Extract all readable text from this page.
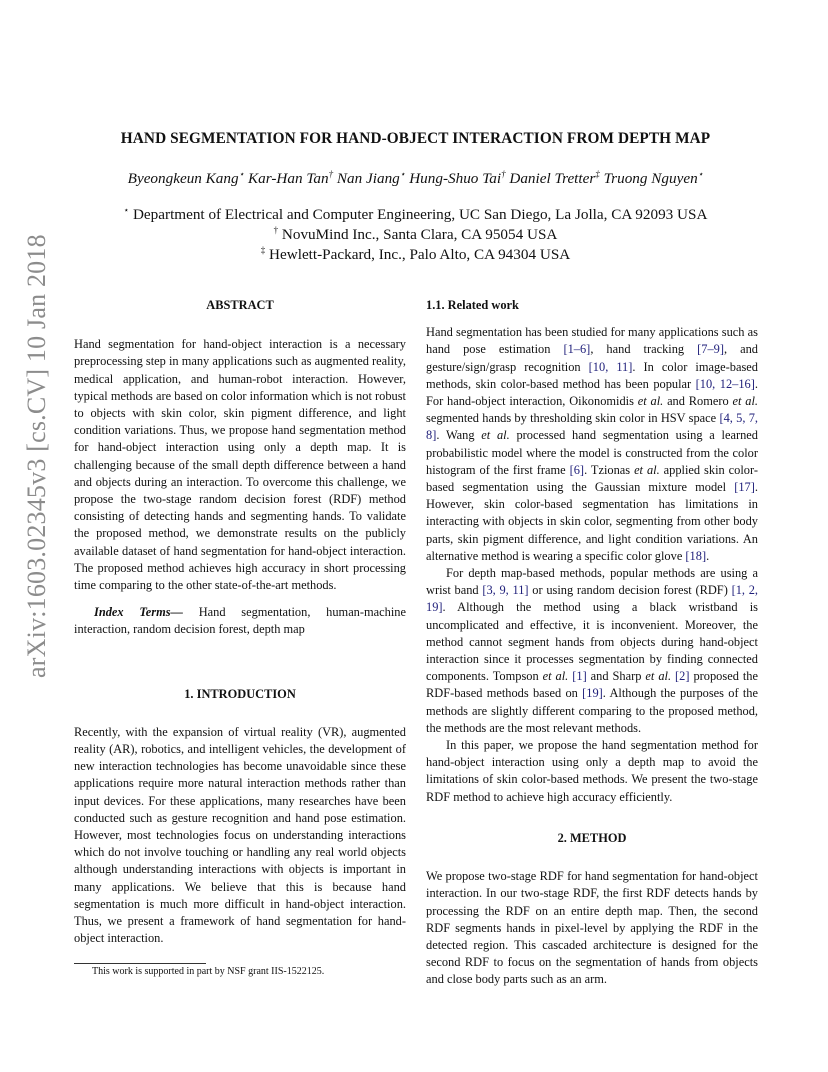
arXiv:1603.02345v3 [cs.CV] 10 Jan 2018
HAND SEGMENTATION FOR HAND-OBJECT INTERACTION FROM DEPTH MAP
Byeongkeun Kang⋆ Kar-Han Tan† Nan Jiang⋆ Hung-Shuo Tai† Daniel Tretter‡ Truong Nguyen⋆
⋆ Department of Electrical and Computer Engineering, UC San Diego, La Jolla, CA 92093 USA
† NovuMind Inc., Santa Clara, CA 95054 USA
‡ Hewlett-Packard, Inc., Palo Alto, CA 94304 USA
ABSTRACT

Hand segmentation for hand-object interaction is a necessary preprocessing step in many applications such as augmented reality, medical application, and human-robot interaction. However, typical methods are based on color information which is not robust to objects with skin color, skin pigment difference, and light condition variations. Thus, we propose hand segmentation method for hand-object interaction using only a depth map. It is challenging because of the small depth difference between a hand and objects during an interaction. To overcome this challenge, we propose the two-stage random decision forest (RDF) method consisting of detecting hands and segmenting hands. To validate the proposed method, we demonstrate results on the publicly available dataset of hand segmentation for hand-object interaction. The proposed method achieves high accuracy in short processing time comparing to the other state-of-the-art methods.

Index Terms— Hand segmentation, human-machine interaction, random decision forest, depth map

1. INTRODUCTION

Recently, with the expansion of virtual reality (VR), augmented reality (AR), robotics, and intelligent vehicles, the development of new interaction technologies has become unavoidable since these applications require more natural interaction methods rather than input devices. For these applications, many researches have been conducted such as gesture recognition and hand pose estimation. However, most technologies focus on understanding interactions which do not involve touching or handling any real world objects although understanding interactions with objects is important in many applications. We believe that this is because hand segmentation is much more difficult in hand-object interaction. Thus, we present a framework of hand segmentation for hand-object interaction.

This work is supported in part by NSF grant IIS-1522125.
1.1. Related work

Hand segmentation has been studied for many applications such as hand pose estimation [1–6], hand tracking [7–9], and gesture/sign/grasp recognition [10, 11]. In color image-based methods, skin color-based method has been popular [10, 12–16]. For hand-object interaction, Oikonomidis et al. and Romero et al. segmented hands by thresholding skin color in HSV space [4, 5, 7, 8]. Wang et al. processed hand segmentation using a learned probabilistic model where the model is constructed from the color histogram of the first frame [6]. Tzionas et al. applied skin color-based segmentation using the Gaussian mixture model [17]. However, skin color-based segmentation has limitations in interacting with objects in skin color, segmenting from other body parts, skin pigment difference, and light condition variations. An alternative method is wearing a specific color glove [18].

For depth map-based methods, popular methods are using a wrist band [3, 9, 11] or using random decision forest (RDF) [1, 2, 19]. Although the method using a black wristband is uncomplicated and effective, it is inconvenient. Moreover, the method cannot segment hands from objects during hand-object interaction since it processes segmentation by finding connected components. Tompson et al. [1] and Sharp et al. [2] proposed the RDF-based methods based on [19]. Although the purposes of the methods are slightly different comparing to the proposed method, the methods are the most relevant methods.

In this paper, we propose the hand segmentation method for hand-object interaction using only a depth map to avoid the limitations of skin color-based methods. We present the two-stage RDF method to achieve high accuracy efficiently.

2. METHOD

We propose two-stage RDF for hand segmentation for hand-object interaction. In our two-stage RDF, the first RDF detects hands by processing the RDF on an entire depth map. Then, the second RDF segments hands in pixel-level by applying the RDF in the detected region. This cascaded architecture is designed for the second RDF to focus on the segmentation of hands from objects and close body parts such as an arm.
